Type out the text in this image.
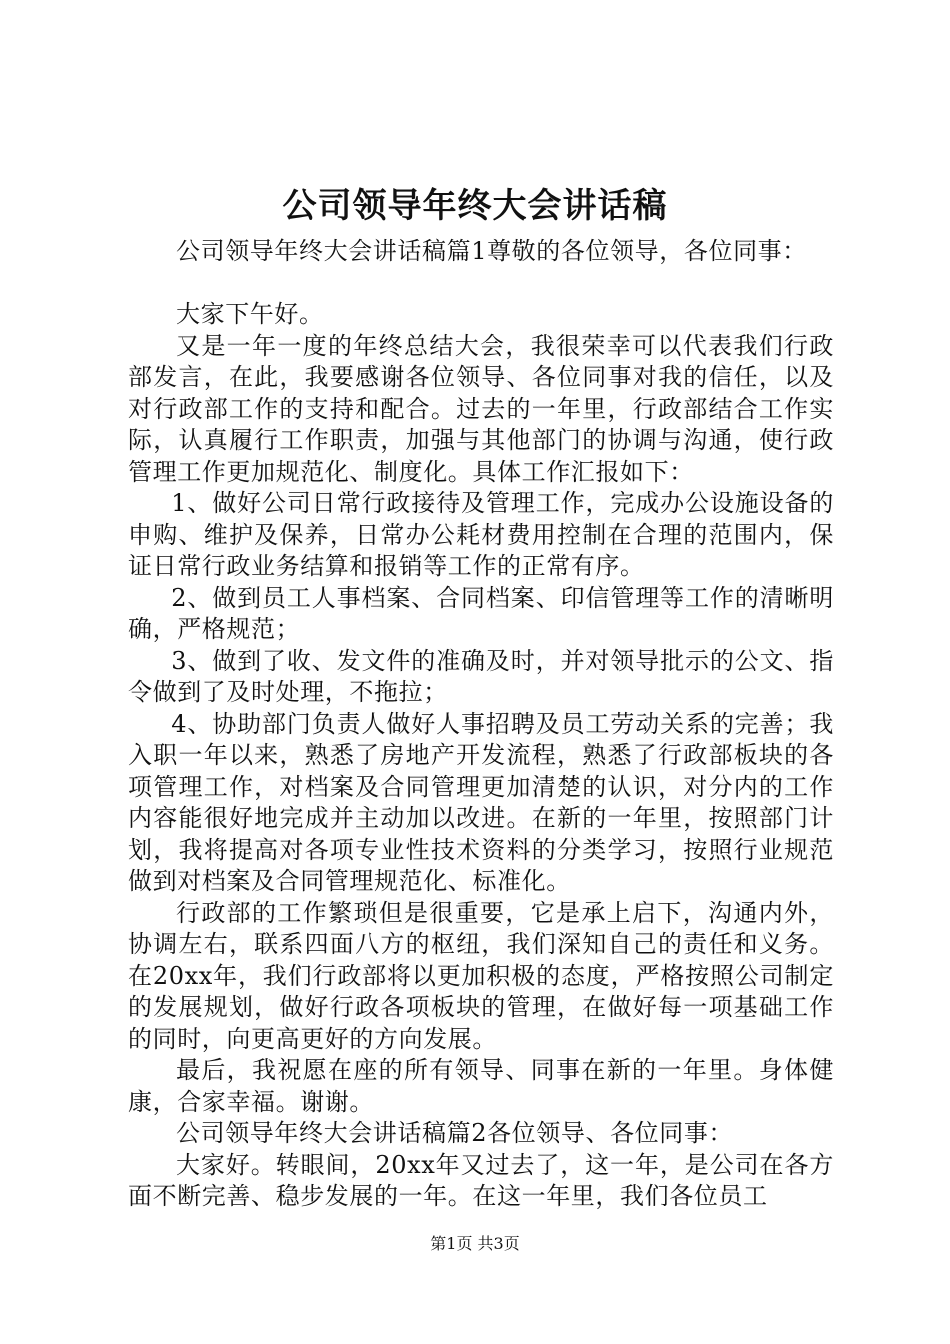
公司领导年终大会讲话稿

公司领导年终大会讲话稿篇1尊敬的各位领导，各位同事：

大家下午好。

又是一年一度的年终总结大会，我很荣幸可以代表我们行政部发言，在此，我要感谢各位领导、各位同事对我的信任，以及对行政部工作的支持和配合。过去的一年里，行政部结合工作实际，认真履行工作职责，加强与其他部门的协调与沟通，使行政管理工作更加规范化、制度化。具体工作汇报如下：

1、做好公司日常行政接待及管理工作，完成办公设施设备的申购、维护及保养，日常办公耗材费用控制在合理的范围内，保证日常行政业务结算和报销等工作的正常有序。

2、做到员工人事档案、合同档案、印信管理等工作的清晰明确，严格规范；

3、做到了收、发文件的准确及时，并对领导批示的公文、指令做到了及时处理，不拖拉；

4、协助部门负责人做好人事招聘及员工劳动关系的完善；我入职一年以来，熟悉了房地产开发流程，熟悉了行政部板块的各项管理工作，对档案及合同管理更加清楚的认识，对分内的工作内容能很好地完成并主动加以改进。在新的一年里，按照部门计划，我将提高对各项专业性技术资料的分类学习，按照行业规范做到对档案及合同管理规范化、标准化。

行政部的工作繁琐但是很重要，它是承上启下，沟通内外，协调左右，联系四面八方的枢纽，我们深知自己的责任和义务。在20xx年，我们行政部将以更加积极的态度，严格按照公司制定的发展规划，做好行政各项板块的管理，在做好每一项基础工作的同时，向更高更好的方向发展。

最后，我祝愿在座的所有领导、同事在新的一年里。身体健康，合家幸福。谢谢。

公司领导年终大会讲话稿篇2各位领导、各位同事：

大家好。转眼间，20xx年又过去了，这一年，是公司在各方面不断完善、稳步发展的一年。在这一年里，我们各位员工

第1页 共3页
